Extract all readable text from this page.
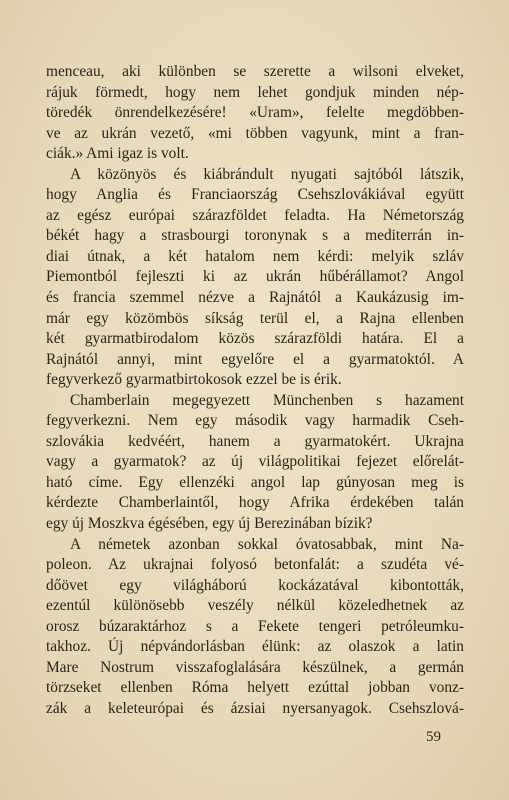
menceau, aki különben se szerette a wilsoni elveket,
rájuk förmedt, hogy nem lehet gondjuk minden nép-
töredék önrendelkezésére! «Uram», felelte megdöbben-
ve az ukrán vezető, «mi többen vagyunk, mint a fran-
ciák.» Ami igaz is volt.

A közönyös és kiábrándult nyugati sajtóból látszik,
hogy Anglia és Franciaország Csehszlovákiával együtt
az egész európai szárazföldet feladta. Ha Németország
békét hagy a strasbourgi toronynak s a mediterrán in-
diai útnak, a két hatalom nem kérdi: melyik szláv
Piemontból fejleszti ki az ukrán hűbérállamot? Angol
és francia szemmel nézve a Rajnától a Kaukázusig im-
már egy közömbös síkság terül el, a Rajna ellenben
két gyarmatbirodalom közös szárazföldi határa. El a
Rajnától annyi, mint egyelőre el a gyarmatoktól. A
fegyverkező gyarmatbirtokosok ezzel be is érik.

Chamberlain megegyezett Münchenben s hazament
fegyverkezni. Nem egy második vagy harmadik Cseh-
szlovákia kedvéért, hanem a gyarmatokért. Ukrajna
vagy a gyarmatok? az új világpolitikai fejezet előrelát-
ható címe. Egy ellenzéki angol lap gúnyosan meg is
kérdezte Chamberlaintől, hogy Afrika érdekében talán
egy új Moszkva égésében, egy új Berezinában bízik?

A németek azonban sokkal óvatosabbak, mint Na-
poleon. Az ukrajnai folyosó betonfalát: a szudéta vé-
dőövet egy világháború kockázatával kibontották,
ezentúl különösebb veszély nélkül közeledhetnek az
orosz búzaraktárhoz s a Fekete tengeri petróleumku-
takhoz. Új népvándorlásban élünk: az olaszok a latin
Mare Nostrum visszafoglalására készülnek, a germán
törzseket ellenben Róma helyett ezúttal jobban vonz-
zák a keleteurópai és ázsiai nyersanyagok. Csehszlová-

59
